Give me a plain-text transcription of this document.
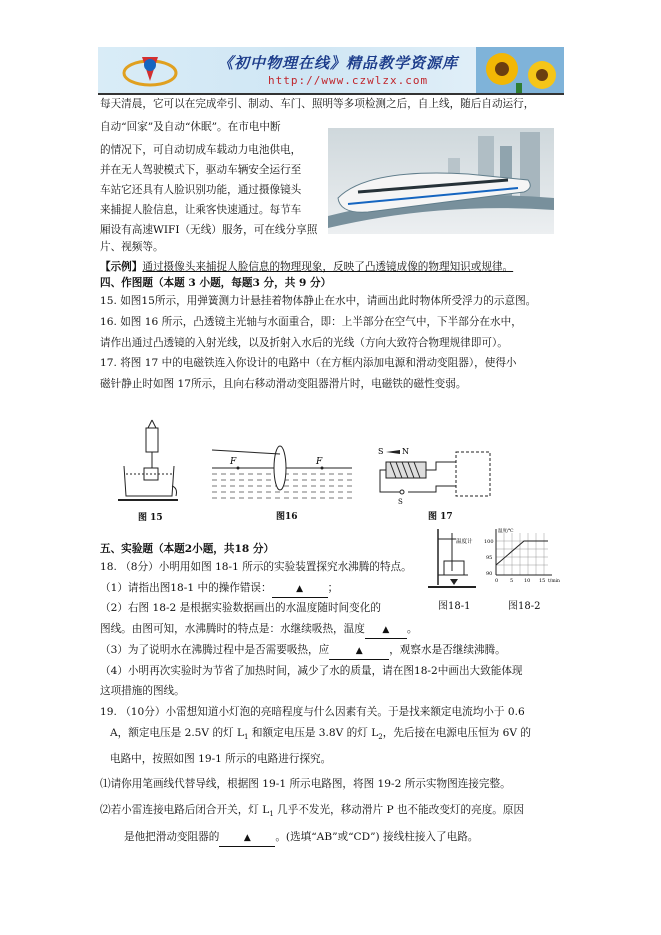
《初中物理在线》精品教学资源库
http://www.czwlzx.com
每天清晨，它可以在完成牵引、制动、车门、照明等多项检测之后，自上线，随后自动运行，
自动“回家”及自动“休眠”。在市电中断
的情况下，可自动切成车载动力电池供电，
并在无人驾驶模式下，驱动车辆安全运行至
车站它还具有人脸识别功能，通过摄像镜头
来捕捉人脸信息，让乘客快速通过。每节车
厢设有高速WIFI（无线）服务，可在线分享照
片、视频等。
【示例】通过摄像头来捕捉人脸信息的物理现象，反映了凸透镜成像的物理知识或规律。
四、作图题（本题 3 小题，每题3 分，共 9 分）
15. 如图15所示，用弹簧测力计悬挂着物体静止在水中，请画出此时物体所受浮力的示意图。
16. 如图 16 所示，凸透镜主光轴与水面重合，即：上半部分在空气中，下半部分在水中，
请作出通过凸透镜的入射光线，以及折射入水后的光线（方向大致符合物理规律即可）。
17. 将图 17 中的电磁铁连入你设计的电路中（在方框内添加电源和滑动变阻器），使得小
磁针静止时如图 17所示，且向右移动滑动变阻器滑片时，电磁铁的磁性变弱。
图 15
F	F
图16
S N
S
图 17
五、实验题（本题2小题，共18 分）
18. （8分）小明用如图 18-1 所示的实验装置探究水沸腾的特点。
（1）请指出图18-1 中的操作错误：	▲ ；
（2）右图 18-2 是根据实验数据画出的水温度随时间变化的
图线。由图可知，水沸腾时的特点是：水继续吸热，温度 ▲ 。
（3）为了说明水在沸腾过程中是否需要吸热，应	▲	，观察水是否继续沸腾。
（4）小明再次实验时为节省了加热时间，减少了水的质量，请在图18-2中画出大致能体现
这项措施的图线。
温度计
图18-1
温度/℃
100
95
90
0 5 10 15 t/min
图18-2
19. （10分）小雷想知道小灯泡的亮暗程度与什么因素有关。于是找来额定电流均小于 0.6
A，额定电压是 2.5V 的灯 $L_1$ 和额定电压是 3.8V 的灯 $L_2$，先后接在电源电压恒为 6V 的
电路中，按照如图 19-1 所示的电路进行探究。
⑴请你用笔画线代替导线，根据图 19-1 所示电路图，将图 19-2 所示实物图连接完整。
⑵若小雷连接电路后闭合开关，灯 $L_1$ 几乎不发光，移动滑片 P 也不能改变灯的亮度。原因
是他把滑动变阻器的	▲ 。(选填“AB”或“CD”) 接线柱接入了电路。
